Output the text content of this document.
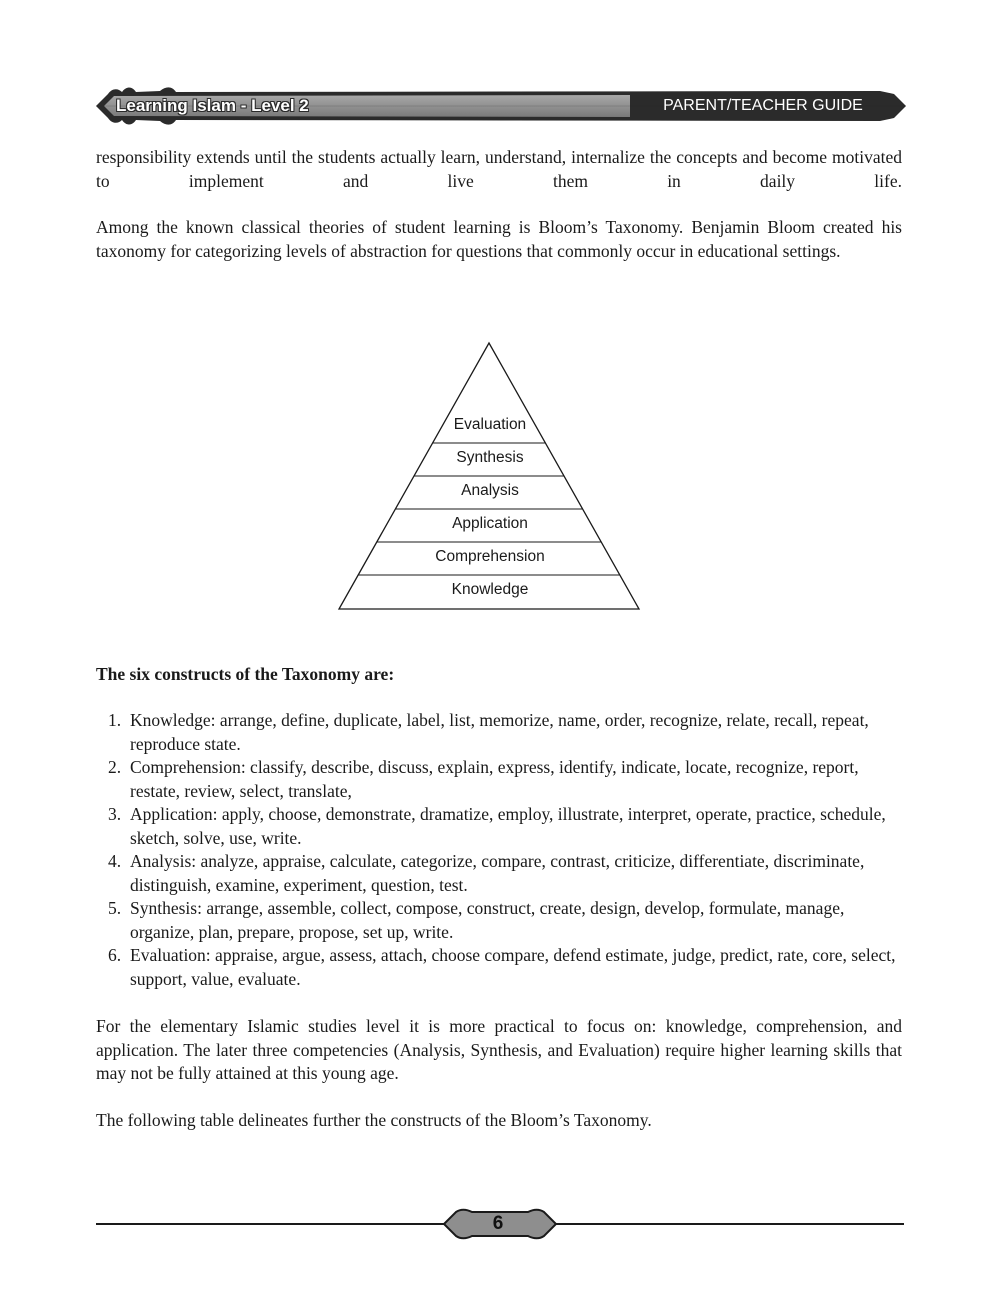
Learning Islam - Level 2	PARENT/TEACHER GUIDE

responsibility extends until the students actually learn, understand, internalize the concepts and become motivated to implement and live them in daily life.

Among the known classical theories of student learning is Bloom’s Taxonomy. Benjamin Bloom created his taxonomy for categorizing levels of abstraction for questions that commonly occur in educational settings.

Evaluation
Synthesis
Analysis
Application
Comprehension
Knowledge
The six constructs of the Taxonomy are:
1. Knowledge: arrange, define, duplicate, label, list, memorize, name, order, recognize, relate, recall, repeat, reproduce state.
2. Comprehension: classify, describe, discuss, explain, express, identify, indicate, locate, recognize, report, restate, review, select, translate,
3. Application: apply, choose, demonstrate, dramatize, employ, illustrate, interpret, operate, practice, schedule, sketch, solve, use, write.
4. Analysis: analyze, appraise, calculate, categorize, compare, contrast, criticize, differentiate, discriminate, distinguish, examine, experiment, question, test.
5. Synthesis: arrange, assemble, collect, compose, construct, create, design, develop, formulate, manage, organize, plan, prepare, propose, set up, write.
6. Evaluation: appraise, argue, assess, attach, choose compare, defend estimate, judge, predict, rate, core, select, support, value, evaluate.

For the elementary Islamic studies level it is more practical to focus on: knowledge, comprehension, and application. The later three competencies (Analysis, Synthesis, and Evaluation) require higher learning skills that may not be fully attained at this young age.

The following table delineates further the constructs of the Bloom’s Taxonomy.

6
